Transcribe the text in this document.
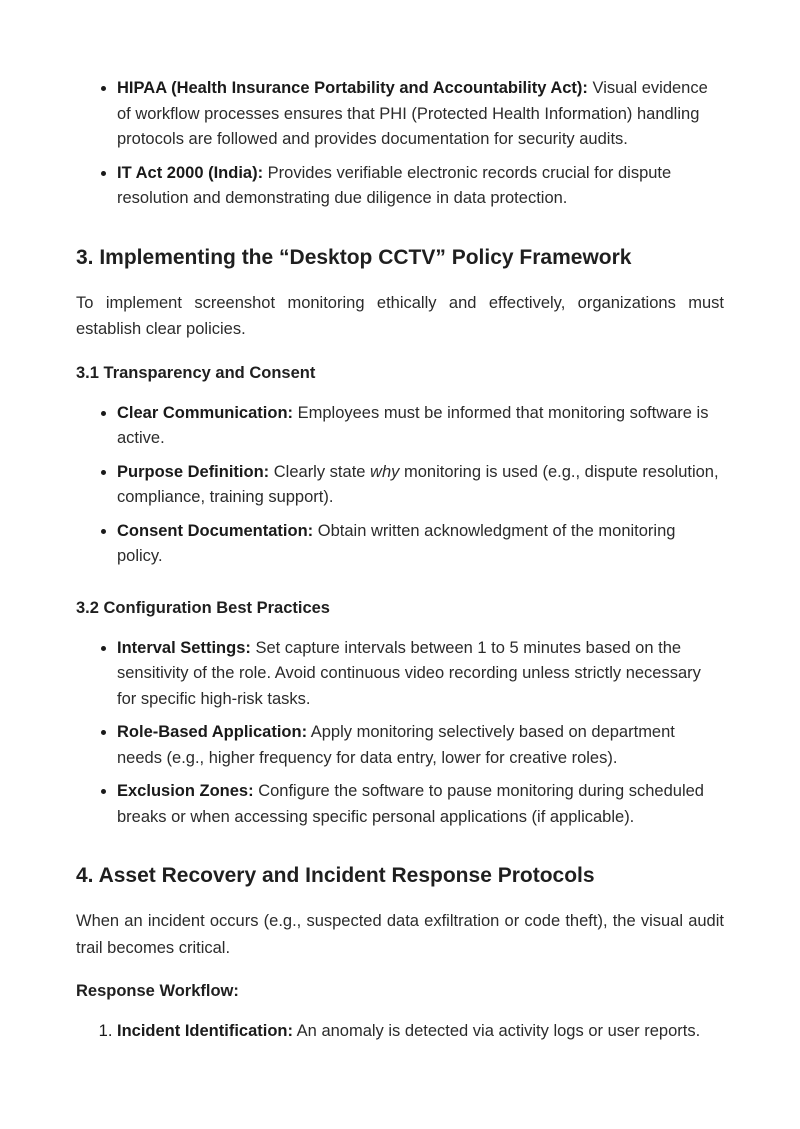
• HIPAA (Health Insurance Portability and Accountability Act): Visual evidence of workflow processes ensures that PHI (Protected Health Information) handling protocols are followed and provides documentation for security audits.
• IT Act 2000 (India): Provides verifiable electronic records crucial for dispute resolution and demonstrating due diligence in data protection.
3. Implementing the “Desktop CCTV” Policy Framework

To implement screenshot monitoring ethically and effectively, organizations must establish clear policies.

3.1 Transparency and Consent
• Clear Communication: Employees must be informed that monitoring software is active.
• Purpose Definition: Clearly state why monitoring is used (e.g., dispute resolution, compliance, training support).
• Consent Documentation: Obtain written acknowledgment of the monitoring policy.
3.2 Configuration Best Practices
• Interval Settings: Set capture intervals between 1 to 5 minutes based on the sensitivity of the role. Avoid continuous video recording unless strictly necessary for specific high-risk tasks.
• Role-Based Application: Apply monitoring selectively based on department needs (e.g., higher frequency for data entry, lower for creative roles).
• Exclusion Zones: Configure the software to pause monitoring during scheduled breaks or when accessing specific personal applications (if applicable).
4. Asset Recovery and Incident Response Protocols

When an incident occurs (e.g., suspected data exfiltration or code theft), the visual audit trail becomes critical.

Response Workflow:
1. Incident Identification: An anomaly is detected via activity logs or user reports.
